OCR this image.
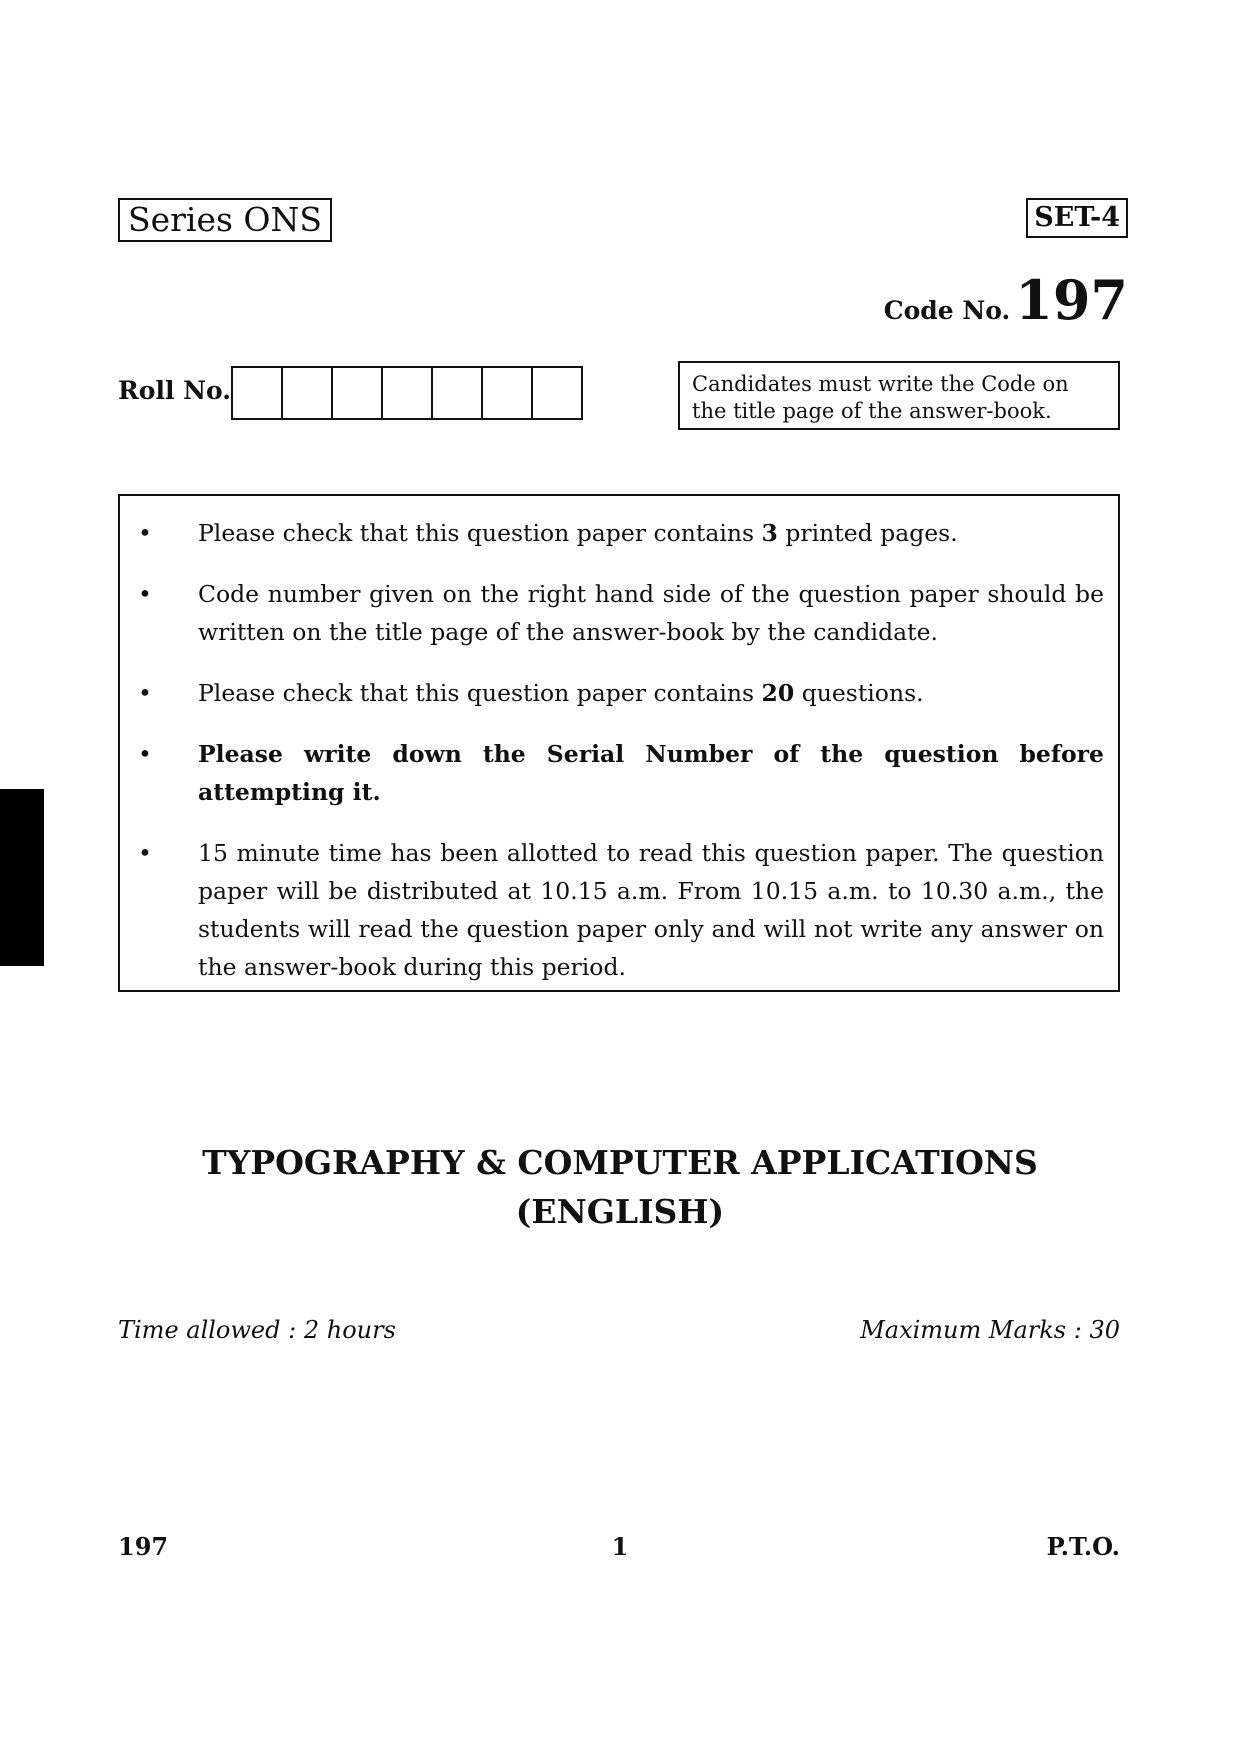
Series ONS	SET-4
Code No. 197
Roll No.	Candidates must write the Code on the title page of the answer-book.
•	Please check that this question paper contains 3 printed pages.
•	Code number given on the right hand side of the question paper should be written on the title page of the answer-book by the candidate.
•	Please check that this question paper contains 20 questions.
•	Please write down the Serial Number of the question before attempting it.
•	15 minute time has been allotted to read this question paper. The question paper will be distributed at 10.15 a.m. From 10.15 a.m. to 10.30 a.m., the students will read the question paper only and will not write any answer on the answer-book during this period.
TYPOGRAPHY & COMPUTER APPLICATIONS
(ENGLISH)
Time allowed : 2 hours	Maximum Marks : 30
197	1	P.T.O.
